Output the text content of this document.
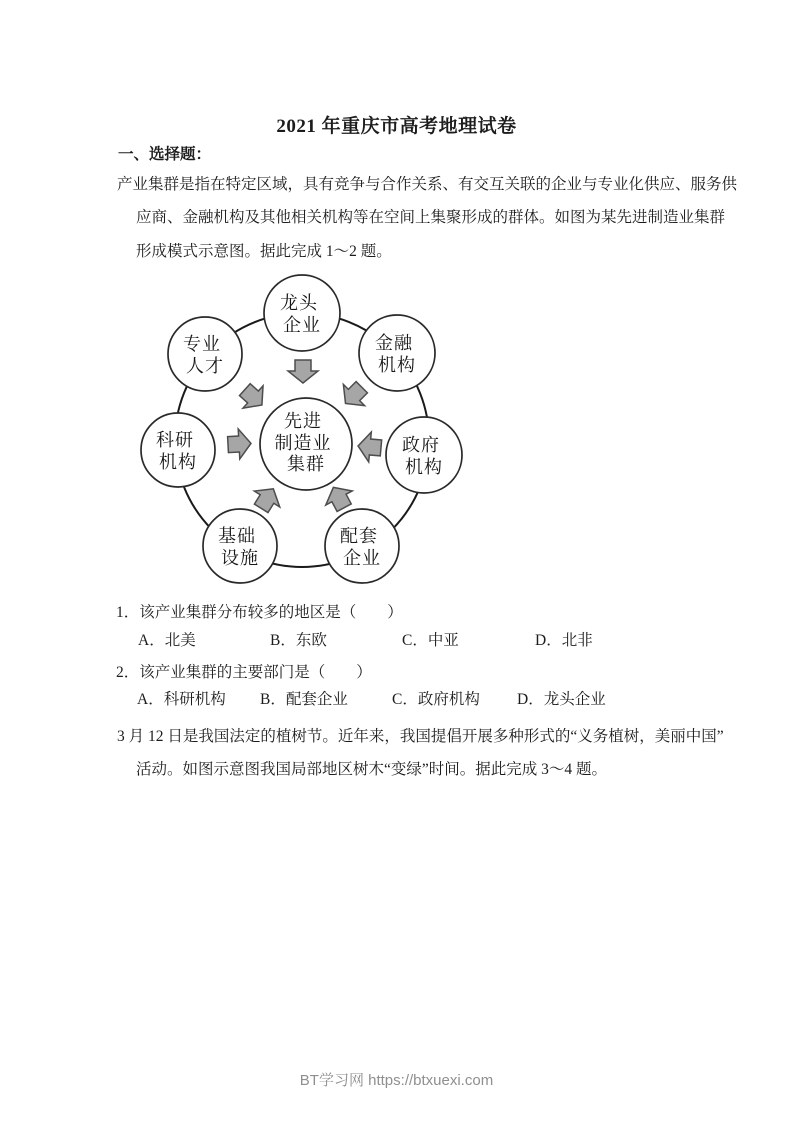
2021 年重庆市高考地理试卷
一、选择题：
产业集群是指在特定区域，具有竞争与合作关系、有交互关联的企业与专业化供应、服务供
应商、金融机构及其他相关机构等在空间上集聚形成的群体。如图为某先进制造业集群
形成模式示意图。据此完成 1～2 题。
龙头 企业
专业 人才
金融 机构
科研 机构
政府 机构
基础 设施
配套 企业
先进 制造业 集群
1．该产业集群分布较多的地区是（　　）
A．北美	B．东欧	C．中亚	D．北非
2．该产业集群的主要部门是（　　）
A．科研机构	B．配套企业	C．政府机构	D．龙头企业
3 月 12 日是我国法定的植树节。近年来，我国提倡开展多种形式的“义务植树，美丽中国”
活动。如图示意图我国局部地区树木“变绿”时间。据此完成 3～4 题。
BT学习网 https://btxuexi.com
